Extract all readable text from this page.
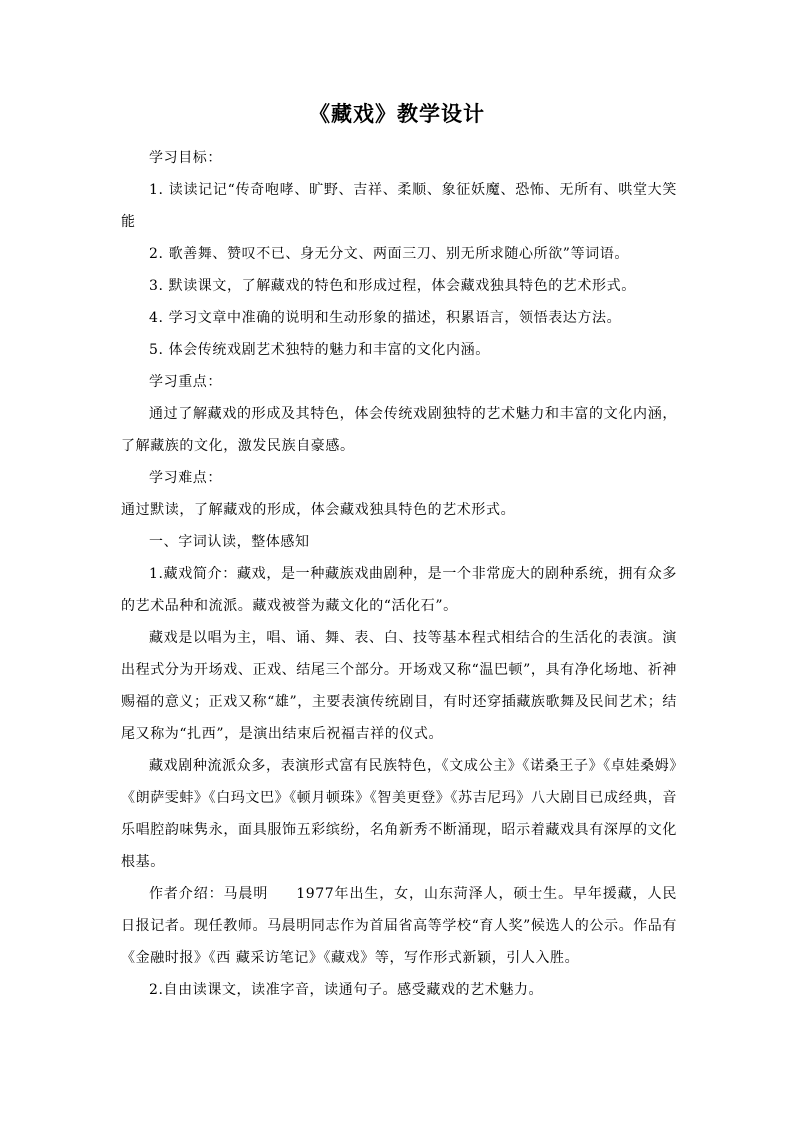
《藏戏》教学设计

学习目标：

1. 读读记记“传奇咆哮、旷野、吉祥、柔顺、象征妖魔、恐怖、无所有、哄堂大笑能

2. 歌善舞、赞叹不已、身无分文、两面三刀、别无所求随心所欲”等词语。

3. 默读课文，了解藏戏的特色和形成过程，体会藏戏独具特色的艺术形式。

4. 学习文章中准确的说明和生动形象的描述，积累语言，领悟表达方法。

5. 体会传统戏剧艺术独特的魅力和丰富的文化内涵。

学习重点：

通过了解藏戏的形成及其特色，体会传统戏剧独特的艺术魅力和丰富的文化内涵，了解藏族的文化，激发民族自豪感。

学习难点：

通过默读，了解藏戏的形成，体会藏戏独具特色的艺术形式。

一、字词认读，整体感知

1.藏戏简介：藏戏，是一种藏族戏曲剧种，是一个非常庞大的剧种系统，拥有众多的艺术品种和流派。藏戏被誉为藏文化的“活化石”。

藏戏是以唱为主，唱、诵、舞、表、白、技等基本程式相结合的生活化的表演。演出程式分为开场戏、正戏、结尾三个部分。开场戏又称“温巴顿”，具有净化场地、祈神赐福的意义；正戏又称“雄”，主要表演传统剧目，有时还穿插藏族歌舞及民间艺术；结尾又称为“扎西”，是演出结束后祝福吉祥的仪式。

藏戏剧种流派众多，表演形式富有民族特色，《文成公主》《诺桑王子》《卓娃桑姆》《朗萨雯蚌》《白玛文巴》《顿月顿珠》《智美更登》《苏吉尼玛》八大剧目已成经典，音乐唱腔韵味隽永，面具服饰五彩缤纷，名角新秀不断涌现，昭示着藏戏具有深厚的文化根基。

作者介绍：马晨明 1977年出生，女，山东菏泽人，硕士生。早年援藏，人民日报记者。现任教师。马晨明同志作为首届省高等学校“育人奖”候选人的公示。作品有《金融时报》《西 藏采访笔记》《藏戏》等，写作形式新颖，引人入胜。

2.自由读课文，读准字音，读通句子。感受藏戏的艺术魅力。
